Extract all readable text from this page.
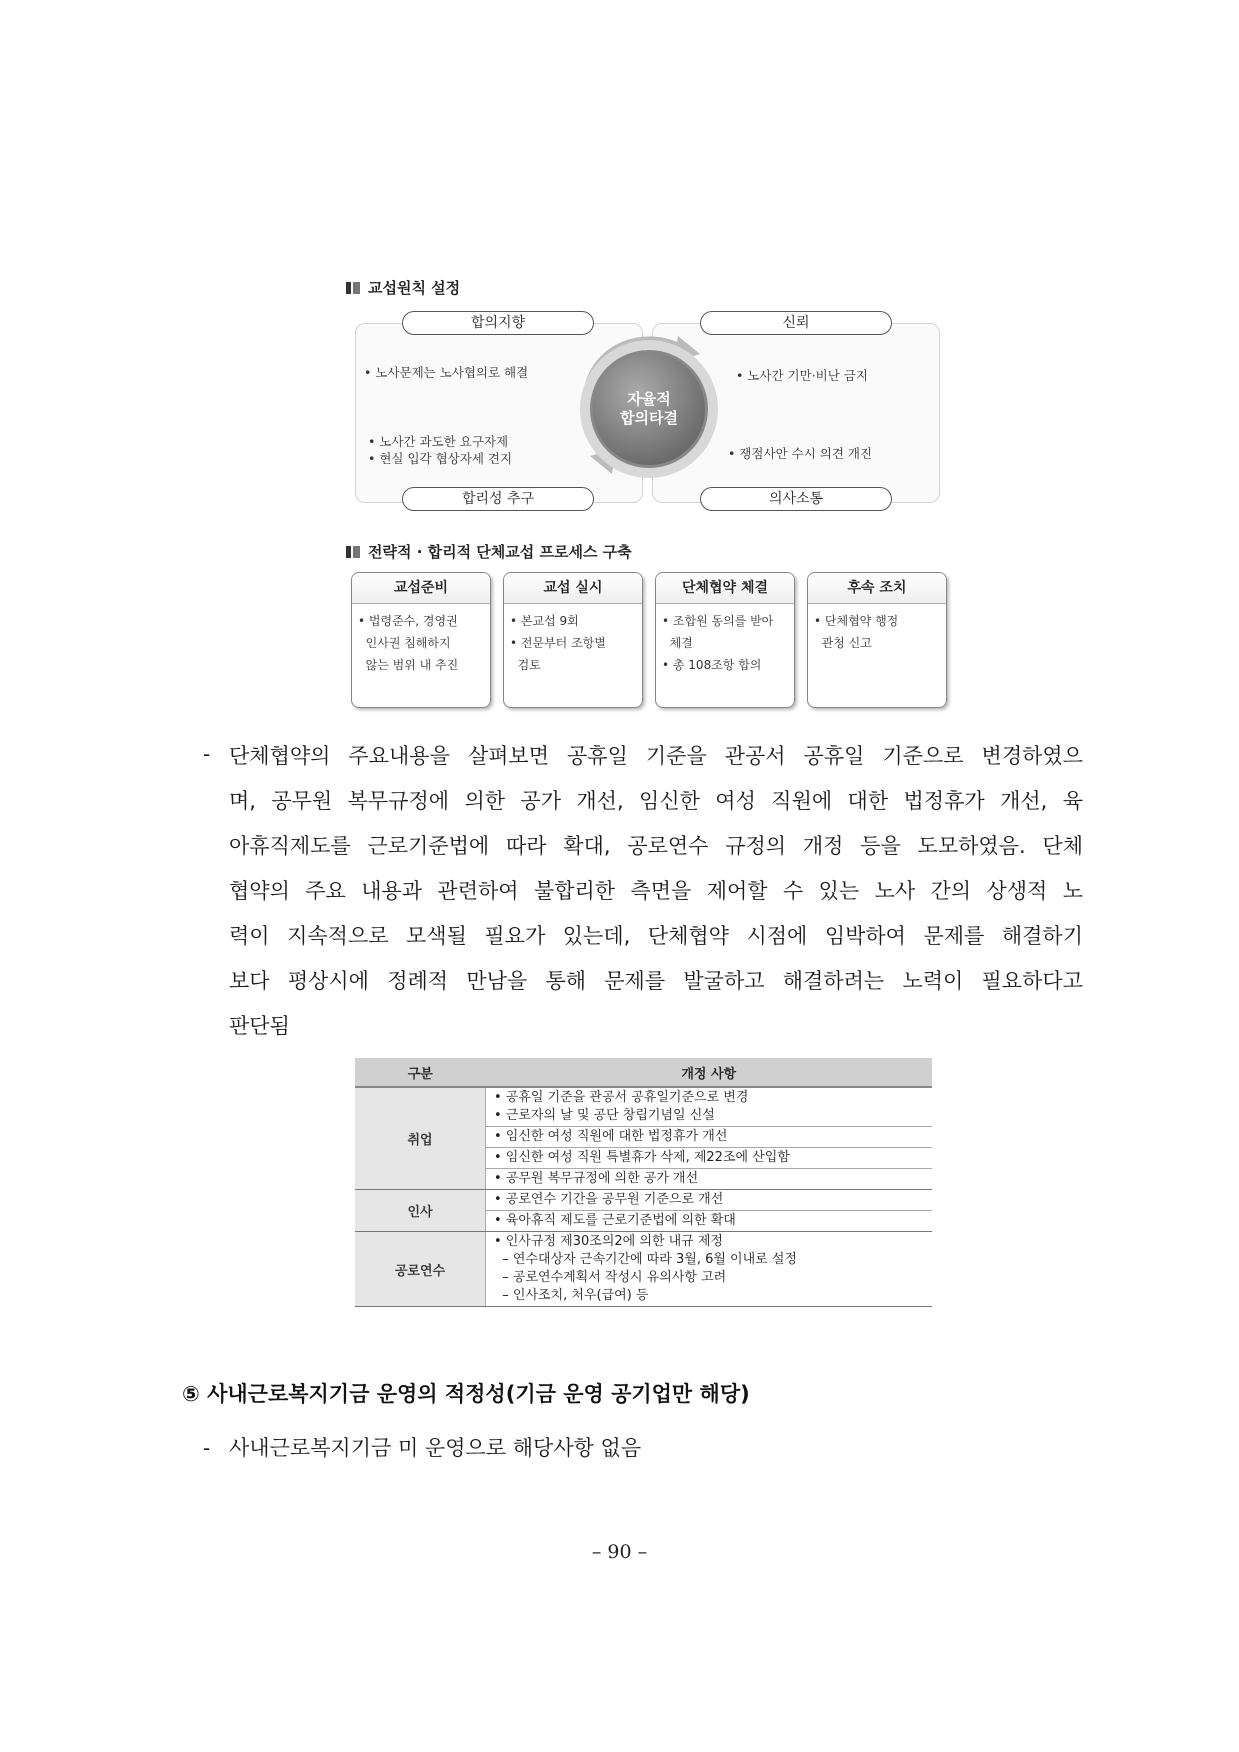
교섭원칙 설정
합의지향	신뢰
합리성 추구	의사소통
자율적
합의타결
• 노사문제는 노사협의로 해결
• 노사간 과도한 요구자제
• 현실 입각 협상자세 견지
• 노사간 기만·비난 금지
• 쟁점사안 수시 의견 개진
전략적 · 합리적 단체교섭 프로세스 구축
교섭준비
• 법령준수, 경영권
인사권 침해하지
않는 범위 내 추진
교섭 실시
• 본교섭 9회
• 전문부터 조항별
검토
단체협약 체결
• 조합원 동의를 받아
체결
• 총 108조항 합의
후속 조치
• 단체협약 행정
관청 신고
- 단체협약의 주요내용을 살펴보면 공휴일 기준을 관공서 공휴일 기준으로 변경하였으
며, 공무원 복무규정에 의한 공가 개선, 임신한 여성 직원에 대한 법정휴가 개선, 육
아휴직제도를 근로기준법에 따라 확대, 공로연수 규정의 개정 등을 도모하였음. 단체
협약의 주요 내용과 관련하여 불합리한 측면을 제어할 수 있는 노사 간의 상생적 노
력이 지속적으로 모색될 필요가 있는데, 단체협약 시점에 임박하여 문제를 해결하기
보다 평상시에 정례적 만남을 통해 문제를 발굴하고 해결하려는 노력이 필요하다고
판단됨
구분	개정 사항
취업	• 공휴일 기준을 관공서 공휴일기준으로 변경
• 근로자의 날 및 공단 창립기념일 신설

	• 임신한 여성 직원에 대한 법정휴가 개선

	• 임신한 여성 직원 특별휴가 삭제, 제22조에 산입함

	• 공무원 복무규정에 의한 공가 개선

인사	• 공로연수 기간을 공무원 기준으로 개선

	• 육아휴직 제도를 근로기준법에 의한 확대

공로연수	• 인사규정 제30조의2에 의한 내규 제정
– 연수대상자 근속기간에 따라 3월, 6월 이내로 설정
– 공로연수계획서 작성시 유의사항 고려
– 인사조치, 처우(급여) 등
⑤ 사내근로복지기금 운영의 적정성(기금 운영 공기업만 해당)
- 사내근로복지기금 미 운영으로 해당사항 없음
– 90 –
